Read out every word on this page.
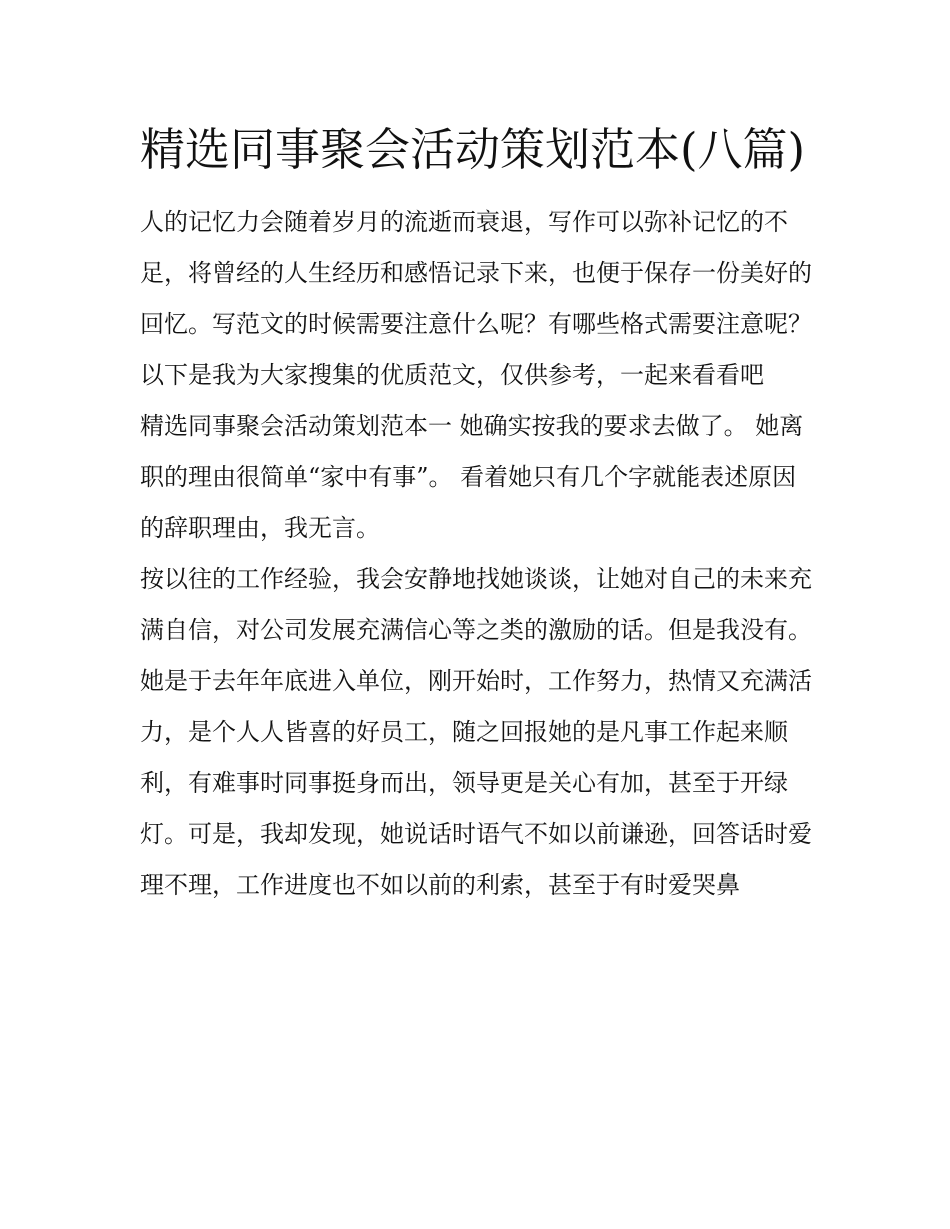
精选同事聚会活动策划范本(八篇)

人的记忆力会随着岁月的流逝而衰退，写作可以弥补记忆的不足，将曾经的人生经历和感悟记录下来，也便于保存一份美好的回忆。写范文的时候需要注意什么呢？有哪些格式需要注意呢？以下是我为大家搜集的优质范文，仅供参考，一起来看看吧

精选同事聚会活动策划范本一 她确实按我的要求去做了。 她离职的理由很简单“家中有事”。 看着她只有几个字就能表述原因的辞职理由，我无言。

按以往的工作经验，我会安静地找她谈谈，让她对自己的未来充满自信，对公司发展充满信心等之类的激励的话。但是我没有。

她是于去年年底进入单位，刚开始时，工作努力，热情又充满活力，是个人人皆喜的好员工，随之回报她的是凡事工作起来顺利，有难事时同事挺身而出，领导更是关心有加，甚至于开绿灯。可是，我却发现，她说话时语气不如以前谦逊，回答话时爱理不理，工作进度也不如以前的利索，甚至于有时爱哭鼻
